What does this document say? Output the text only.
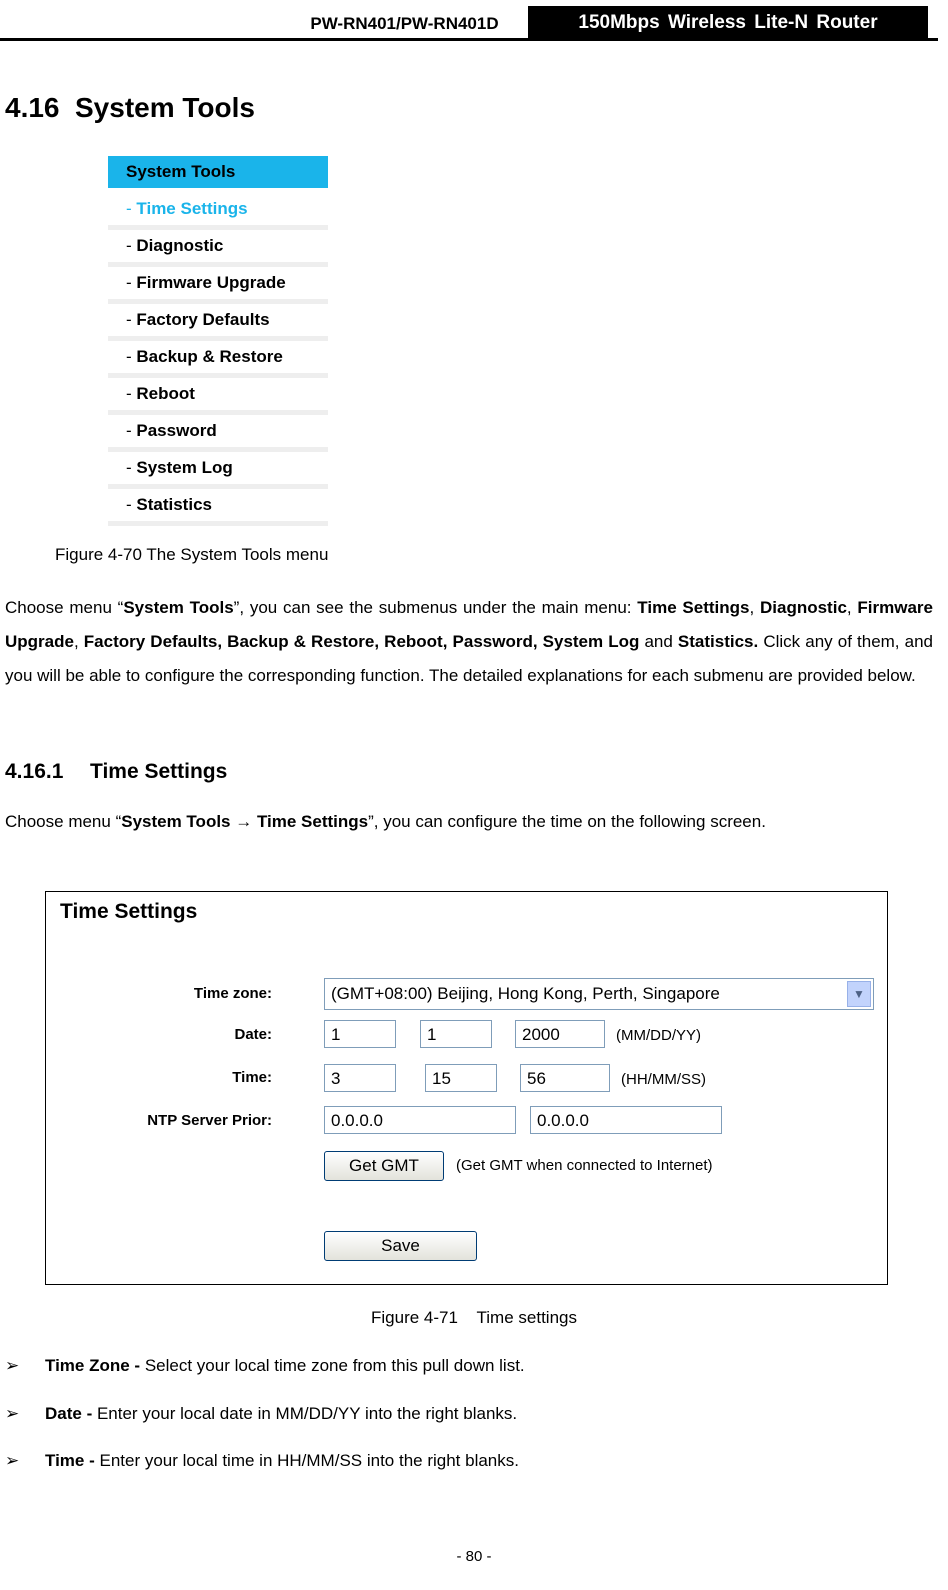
PW-RN401/PW-RN401D	150Mbps Wireless Lite-N Router
4.16 System Tools
System Tools
- Time Settings
- Diagnostic
- Firmware Upgrade
- Factory Defaults
- Backup & Restore
- Reboot
- Password
- System Log
- Statistics
Figure 4-70 The System Tools menu
Choose menu “System Tools”, you can see the submenus under the main menu: Time Settings, Diagnostic, Firmware Upgrade, Factory Defaults, Backup & Restore, Reboot, Password, System Log and Statistics. Click any of them, and you will be able to configure the corresponding function. The detailed explanations for each submenu are provided below.
4.16.1 Time Settings
Choose menu “System Tools → Time Settings”, you can configure the time on the following screen.
Time Settings
Time zone:	(GMT+08:00) Beijing, Hong Kong, Perth, Singapore	▼
Date:	1	1	2000	(MM/DD/YY)
Time:	3	15	56	(HH/MM/SS)
NTP Server Prior:	0.0.0.0	0.0.0.0
Get GMT	(Get GMT when connected to Internet)
Save
Figure 4-71    Time settings
➢ Time Zone - Select your local time zone from this pull down list.
➢ Date - Enter your local date in MM/DD/YY into the right blanks.
➢ Time - Enter your local time in HH/MM/SS into the right blanks.
- 80 -
